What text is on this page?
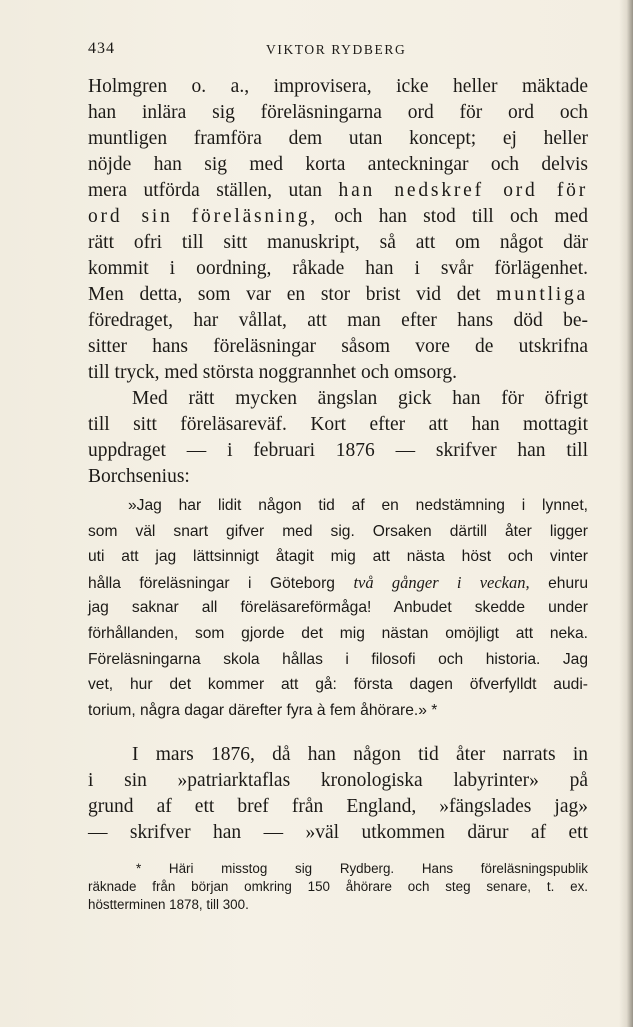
434	VIKTOR RYDBERG
Holmgren o. a., improvisera, icke heller mäktade
han inlära sig föreläsningarna ord för ord och
muntligen framföra dem utan koncept; ej heller
nöjde han sig med korta anteckningar och delvis
mera utförda ställen, utan han nedskref ord för
ord sin föreläsning, och han stod till och med
rätt ofri till sitt manuskript, så att om något där
kommit i oordning, råkade han i svår förlägenhet.
Men detta, som var en stor brist vid det muntliga
föredraget, har vållat, att man efter hans död be-
sitter hans föreläsningar såsom vore de utskrifna
till tryck, med största noggrannhet och omsorg.
Med rätt mycken ängslan gick han för öfrigt
till sitt föreläsareväf. Kort efter att han mottagit
uppdraget — i februari 1876 — skrifver han till
Borchsenius:
»Jag har lidit någon tid af en nedstämning i lynnet,
som väl snart gifver med sig. Orsaken därtill åter ligger
uti att jag lättsinnigt åtagit mig att nästa höst och vinter
hålla föreläsningar i Göteborg två gånger i veckan, ehuru
jag saknar all föreläsareförmåga! Anbudet skedde under
förhållanden, som gjorde det mig nästan omöjligt att neka.
Föreläsningarna skola hållas i filosofi och historia. Jag
vet, hur det kommer att gå: första dagen öfverfylldt audi-
torium, några dagar därefter fyra à fem åhörare.» *
I mars 1876, då han någon tid åter narrats in
i sin »patriarktaflas kronologiska labyrinter» på
grund af ett bref från England, »fängslades jag»
— skrifver han — »väl utkommen därur af ett
* Häri misstog sig Rydberg. Hans föreläsningspublik
räknade från början omkring 150 åhörare och steg senare, t. ex.
höstterminen 1878, till 300.
